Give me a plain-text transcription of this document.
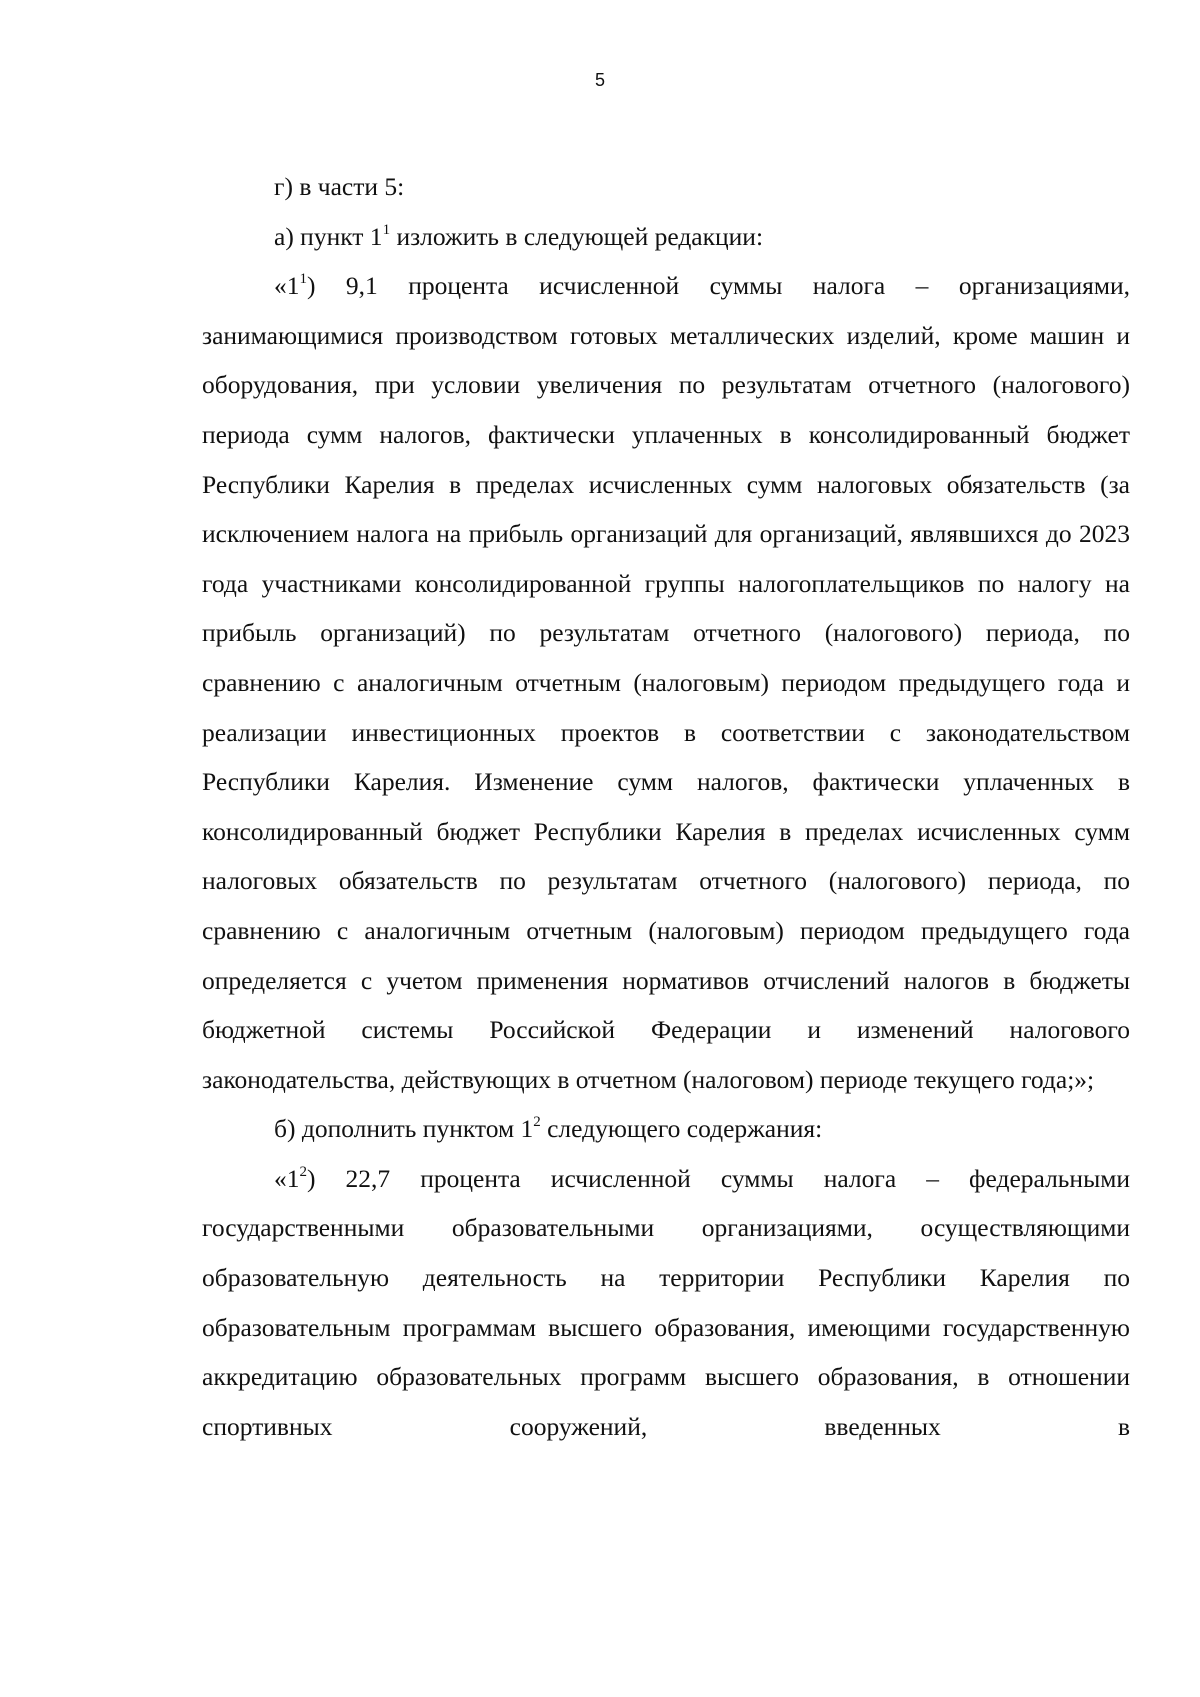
5

г) в части 5:

а) пункт $1^1$ изложить в следующей редакции:

«$1^1$) 9,1 процента исчисленной суммы налога – организациями, занимающимися производством готовых металлических изделий, кроме машин и оборудования, при условии увеличения по результатам отчетного (налогового) периода сумм налогов, фактически уплаченных в консолидированный бюджет Республики Карелия в пределах исчисленных сумм налоговых обязательств (за исключением налога на прибыль организаций для организаций, являвшихся до 2023 года участниками консолидированной группы налогоплательщиков по налогу на прибыль организаций) по результатам отчетного (налогового) периода, по сравнению с аналогичным отчетным (налоговым) периодом предыдущего года и реализации инвестиционных проектов в соответствии с законодательством Республики Карелия. Изменение сумм налогов, фактически уплаченных в консолидированный бюджет Республики Карелия в пределах исчисленных сумм налоговых обязательств по результатам отчетного (налогового) периода, по сравнению с аналогичным отчетным (налоговым) периодом предыдущего года определяется с учетом применения нормативов отчислений налогов в бюджеты бюджетной системы Российской Федерации и изменений налогового законодательства, действующих в отчетном (налоговом) периоде текущего года;»;

б) дополнить пунктом $1^2$ следующего содержания:

«$1^2$) 22,7 процента исчисленной суммы налога – федеральными государственными образовательными организациями, осуществляющими образовательную деятельность на территории Республики Карелия по образовательным программам высшего образования, имеющими государственную аккредитацию образовательных программ высшего образования, в отношении спортивных сооружений, введенных в
